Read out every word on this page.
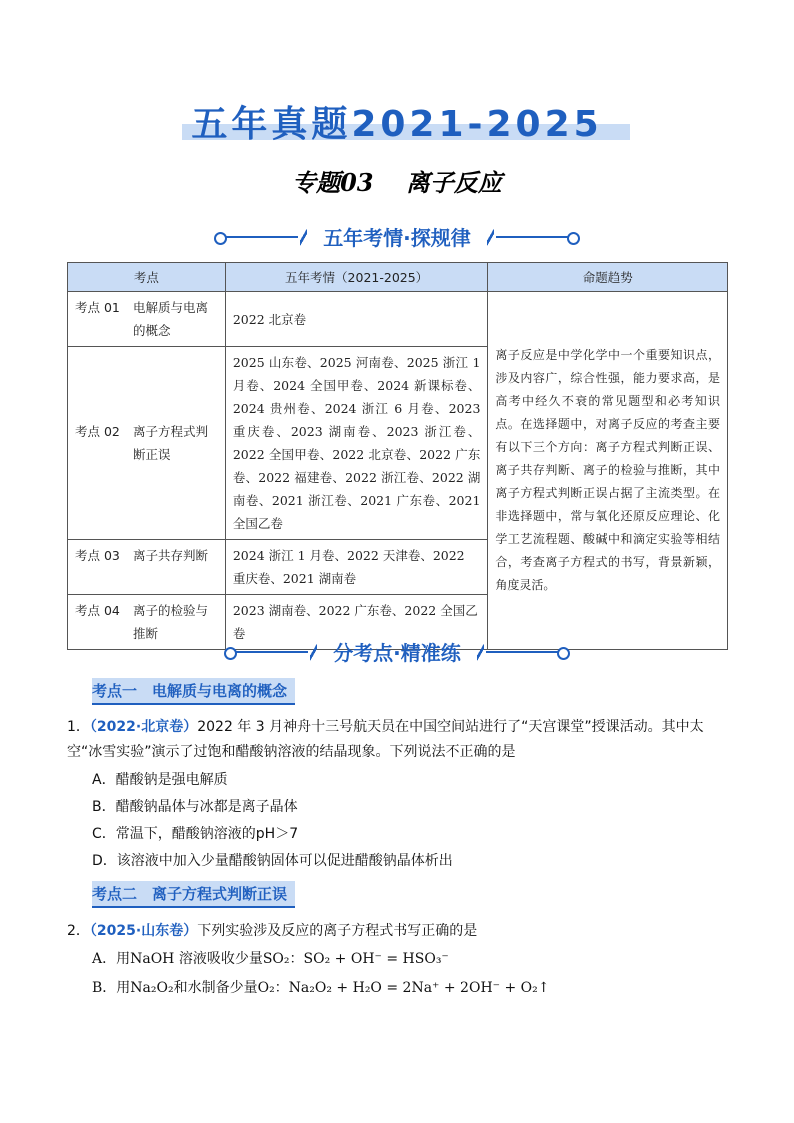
五年真题2021-2025
专题03　 离子反应
五年考情·探规律
考点	五年考情（2021-2025）	命题趋势

考点 01 电解质与电离的概念	2022 北京卷	离子反应是中学化学中一个重要知识点，涉及内容广，综合性强，能力要求高，是高考中经久不衰的常见题型和必考知识点。在选择题中，对离子反应的考查主要有以下三个方向：离子方程式判断正误、离子共存判断、离子的检验与推断，其中离子方程式判断正误占据了主流类型。在非选择题中，常与氧化还原反应理论、化学工艺流程题、酸碱中和滴定实验等相结合，考查离子方程式的书写，背景新颖，角度灵活。

考点 02 离子方程式判断正误	2025 山东卷、2025 河南卷、2025 浙江 1 月卷、2024 全国甲卷、2024 新课标卷、2024 贵州卷、2024 浙江 6 月卷、2023 重庆卷、2023 湖南卷、2023 浙江卷、2022 全国甲卷、2022 北京卷、2022 广东卷、2022 福建卷、2022 浙江卷、2022 湖南卷、2021 浙江卷、2021 广东卷、2021 全国乙卷	

考点 03 离子共存判断	2024 浙江 1 月卷、2022 天津卷、2022 重庆卷、2021 湖南卷	

考点 04 离子的检验与推断	2023 湖南卷、2022 广东卷、2022 全国乙卷	
分考点·精准练
考点一　电解质与电离的概念
1．（2022·北京卷）2022 年 3 月神舟十三号航天员在中国空间站进行了“天宫课堂”授课活动。其中太空“冰雪实验”演示了过饱和醋酸钠溶液的结晶现象。下列说法不正确的是
A．醋酸钠是强电解质
B．醋酸钠晶体与冰都是离子晶体
C．常温下，醋酸钠溶液的pH＞7
D．该溶液中加入少量醋酸钠固体可以促进醋酸钠晶体析出
考点二　离子方程式判断正误
2．（2025·山东卷）下列实验涉及反应的离子方程式书写正确的是
A．用NaOH 溶液吸收少量SO₂：SO₂ + OH⁻ = HSO₃⁻
B．用Na₂O₂和水制备少量O₂：Na₂O₂ + H₂O = 2Na⁺ + 2OH⁻ + O₂↑
